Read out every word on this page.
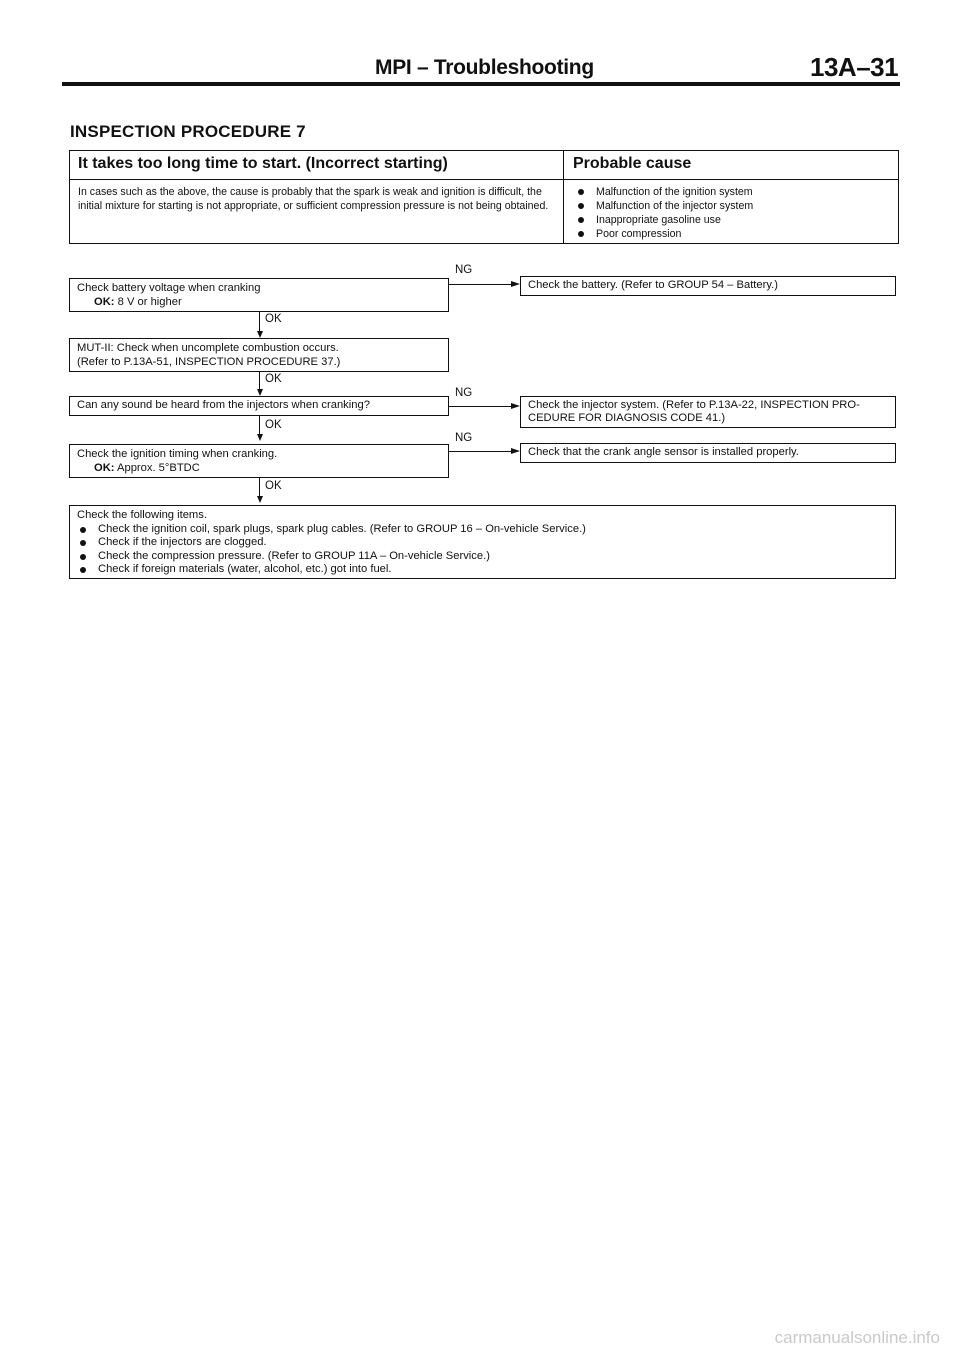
MPI – Troubleshooting	13A–31
INSPECTION PROCEDURE 7
It takes too long time to start. (Incorrect starting)	Probable cause
In cases such as the above, the cause is probably that the spark is weak and ignition is difficult, the initial mixture for starting is not appropriate, or sufficient compression pressure is not being obtained.
Malfunction of the ignition system
Malfunction of the injector system
Inappropriate gasoline use
Poor compression
Check battery voltage when cranking
OK: 8 V or higher
NG
Check the battery. (Refer to GROUP 54 – Battery.)
OK
MUT-II: Check when uncomplete combustion occurs.
(Refer to P.13A-51, INSPECTION PROCEDURE 37.)
OK
Can any sound be heard from the injectors when cranking?
NG
Check the injector system. (Refer to P.13A-22, INSPECTION PRO-CEDURE FOR DIAGNOSIS CODE 41.)
OK
Check the ignition timing when cranking.
OK: Approx. 5°BTDC
NG
Check that the crank angle sensor is installed properly.
OK
Check the following items.
Check the ignition coil, spark plugs, spark plug cables. (Refer to GROUP 16 – On-vehicle Service.)
Check if the injectors are clogged.
Check the compression pressure. (Refer to GROUP 11A – On-vehicle Service.)
Check if foreign materials (water, alcohol, etc.) got into fuel.
carmanualsonline.info
